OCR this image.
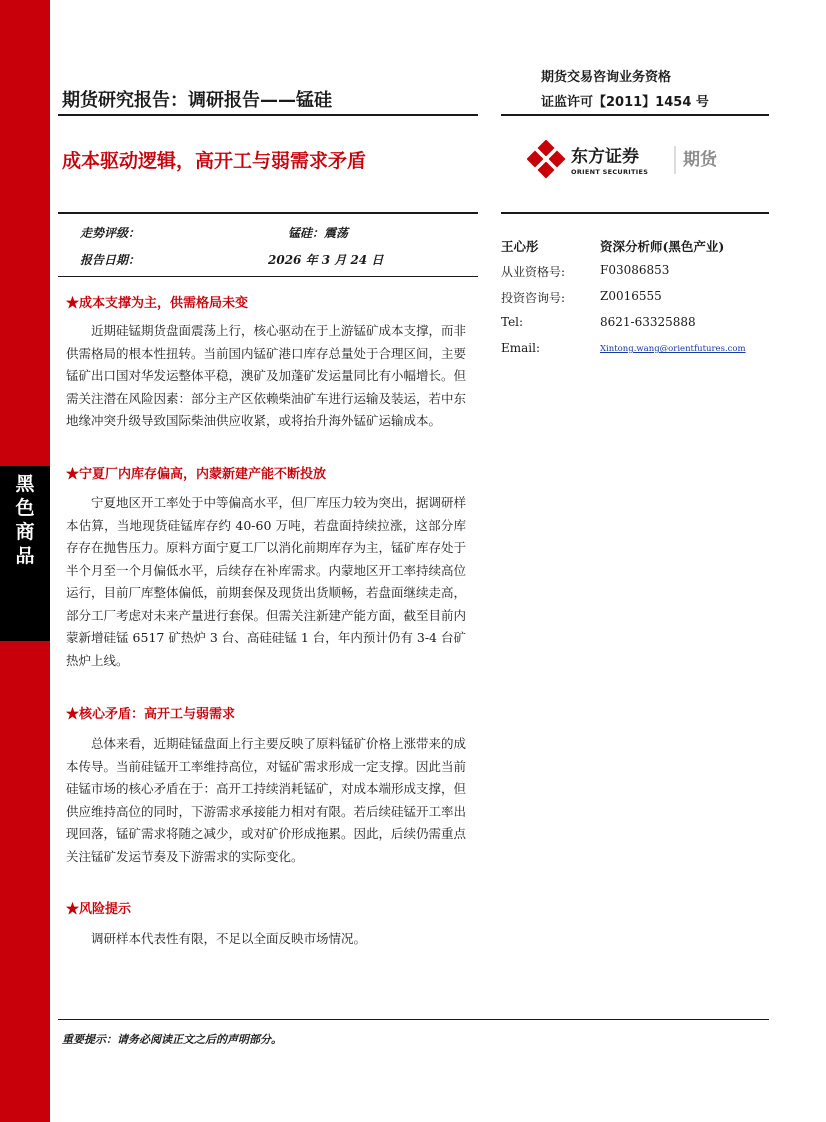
黑
色
商
品
期货研究报告：调研报告——锰硅
期货交易咨询业务资格
证监许可【2011】1454 号
成本驱动逻辑，高开工与弱需求矛盾	东方证券
ORIENT SECURITIES
期货
走势评级：	锰硅：震荡
报告日期：	2026 年 3 月 24 日
王心彤	资深分析师(黑色产业)
从业资格号:	F03086853
投资咨询号:	Z0016555
Tel:	8621-63325888
Email:	Xintong.wang@orientfutures.com
★成本支撑为主，供需格局未变

近期硅锰期货盘面震荡上行，核心驱动在于上游锰矿成本支撑，而非供需格局的根本性扭转。当前国内锰矿港口库存总量处于合理区间，主要锰矿出口国对华发运整体平稳，澳矿及加蓬矿发运量同比有小幅增长。但需关注潜在风险因素：部分主产区依赖柴油矿车进行运输及装运，若中东地缘冲突升级导致国际柴油供应收紧，或将抬升海外锰矿运输成本。

★宁夏厂内库存偏高，内蒙新建产能不断投放

宁夏地区开工率处于中等偏高水平，但厂库压力较为突出，据调研样本估算，当地现货硅锰库存约 40-60 万吨，若盘面持续拉涨，这部分库存存在抛售压力。原料方面宁夏工厂以消化前期库存为主，锰矿库存处于半个月至一个月偏低水平，后续存在补库需求。内蒙地区开工率持续高位运行，目前厂库整体偏低，前期套保及现货出货顺畅，若盘面继续走高，部分工厂考虑对未来产量进行套保。但需关注新建产能方面，截至目前内蒙新增硅锰 6517 矿热炉 3 台、高硅硅锰 1 台，年内预计仍有 3-4 台矿热炉上线。

★核心矛盾：高开工与弱需求

总体来看，近期硅锰盘面上行主要反映了原料锰矿价格上涨带来的成本传导。当前硅锰开工率维持高位，对锰矿需求形成一定支撑。因此当前硅锰市场的核心矛盾在于：高开工持续消耗锰矿，对成本端形成支撑，但供应维持高位的同时，下游需求承接能力相对有限。若后续硅锰开工率出现回落，锰矿需求将随之减少，或对矿价形成拖累。因此，后续仍需重点关注锰矿发运节奏及下游需求的实际变化。

★风险提示

调研样本代表性有限，不足以全面反映市场情况。

重要提示：请务必阅读正文之后的声明部分。
